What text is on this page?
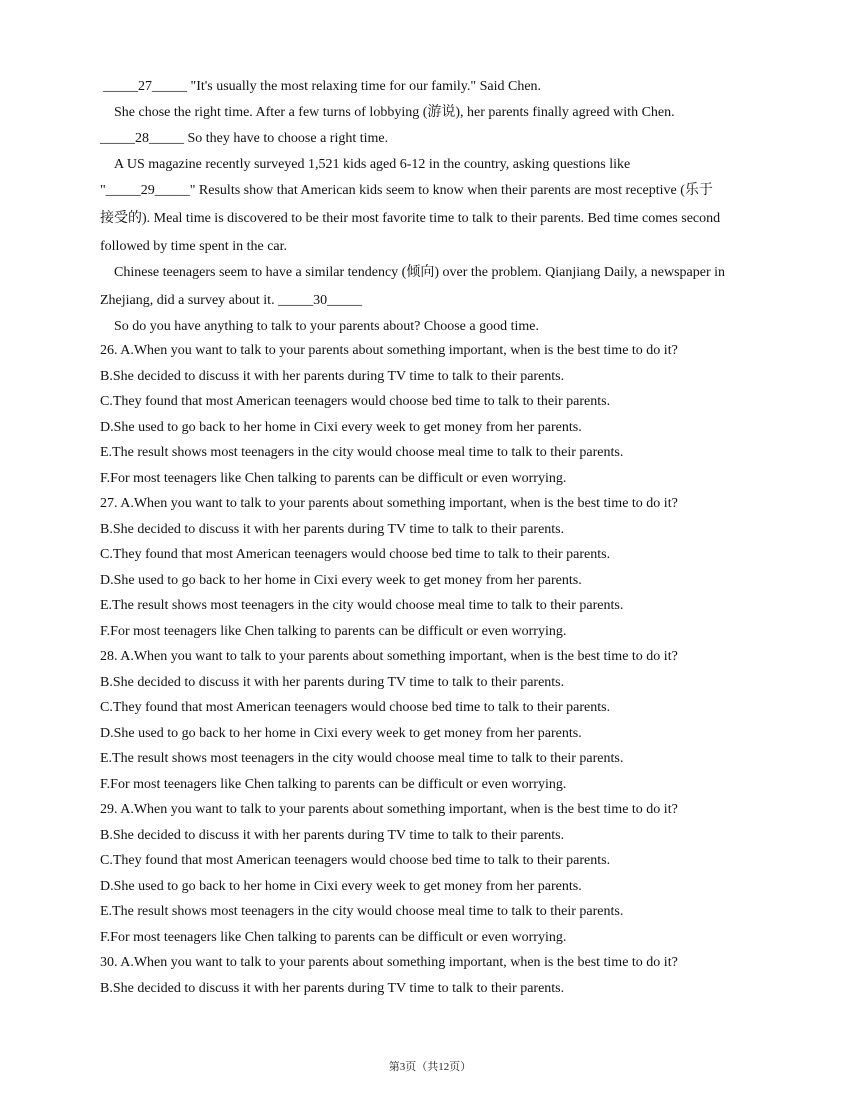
_____27_____ "It's usually the most relaxing time for our family." Said Chen.

She chose the right time. After a few turns of lobbying (游说), her parents finally agreed with Chen.

_____28_____ So they have to choose a right time.

A US magazine recently surveyed 1,521 kids aged 6-12 in the country, asking questions like

"_____29_____" Results show that American kids seem to know when their parents are most receptive (乐于

接受的). Meal time is discovered to be their most favorite time to talk to their parents. Bed time comes second

followed by time spent in the car.

Chinese teenagers seem to have a similar tendency (倾向) over the problem. Qianjiang Daily, a newspaper in

Zhejiang, did a survey about it. _____30_____

So do you have anything to talk to your parents about? Choose a good time.

26. A.When you want to talk to your parents about something important, when is the best time to do it?

B.She decided to discuss it with her parents during TV time to talk to their parents.

C.They found that most American teenagers would choose bed time to talk to their parents.

D.She used to go back to her home in Cixi every week to get money from her parents.

E.The result shows most teenagers in the city would choose meal time to talk to their parents.

F.For most teenagers like Chen talking to parents can be difficult or even worrying.

27. A.When you want to talk to your parents about something important, when is the best time to do it?

B.She decided to discuss it with her parents during TV time to talk to their parents.

C.They found that most American teenagers would choose bed time to talk to their parents.

D.She used to go back to her home in Cixi every week to get money from her parents.

E.The result shows most teenagers in the city would choose meal time to talk to their parents.

F.For most teenagers like Chen talking to parents can be difficult or even worrying.

28. A.When you want to talk to your parents about something important, when is the best time to do it?

B.She decided to discuss it with her parents during TV time to talk to their parents.

C.They found that most American teenagers would choose bed time to talk to their parents.

D.She used to go back to her home in Cixi every week to get money from her parents.

E.The result shows most teenagers in the city would choose meal time to talk to their parents.

F.For most teenagers like Chen talking to parents can be difficult or even worrying.

29. A.When you want to talk to your parents about something important, when is the best time to do it?

B.She decided to discuss it with her parents during TV time to talk to their parents.

C.They found that most American teenagers would choose bed time to talk to their parents.

D.She used to go back to her home in Cixi every week to get money from her parents.

E.The result shows most teenagers in the city would choose meal time to talk to their parents.

F.For most teenagers like Chen talking to parents can be difficult or even worrying.

30. A.When you want to talk to your parents about something important, when is the best time to do it?

B.She decided to discuss it with her parents during TV time to talk to their parents.

第3页（共12页）
